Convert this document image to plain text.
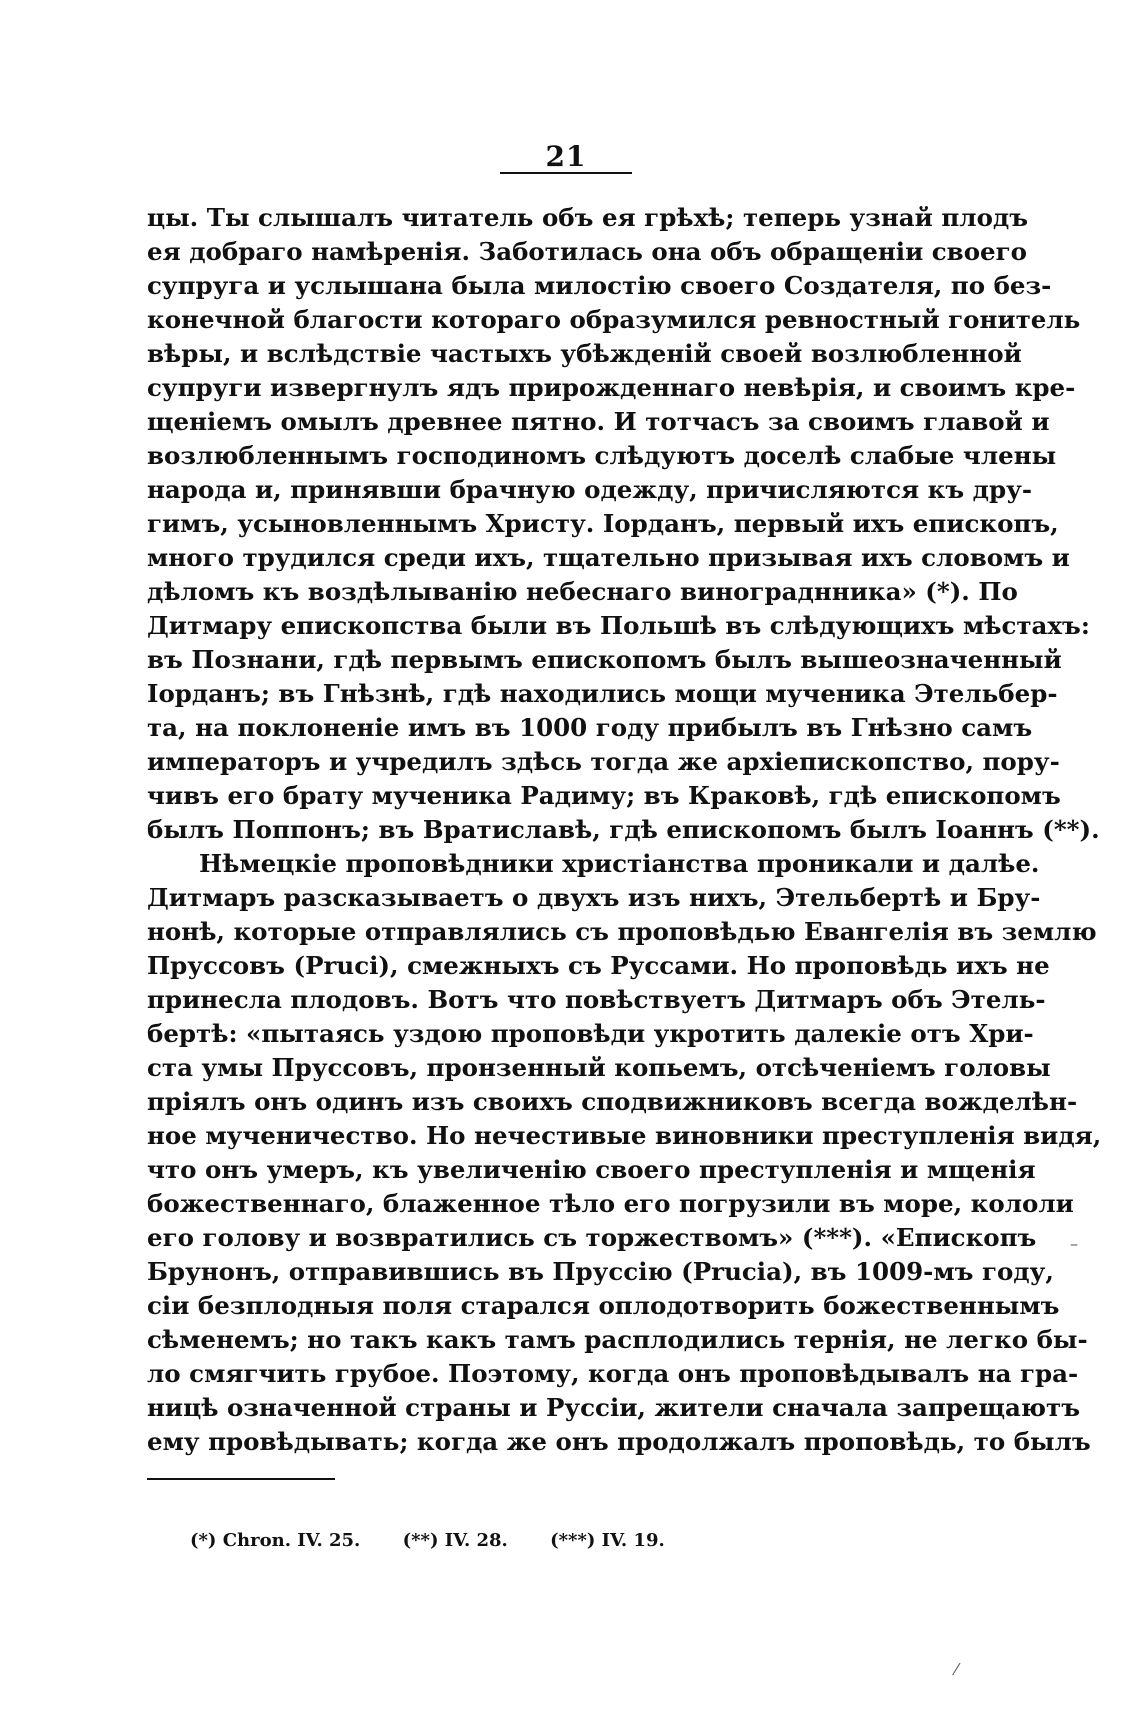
21
цы. Ты слышалъ читатель объ ея грѣхѣ; теперь узнай плодъ
ея добраго намѣренія. Заботилась она объ обращеніи своего
супруга и услышана была милостію своего Создателя, по без-
конечной благости котораго образумился ревностный гонитель
вѣры, и вслѣдствіе частыхъ убѣжденій своей возлюбленной
супруги извергнулъ ядъ прирожденнаго невѣрія, и своимъ кре-
щеніемъ омылъ древнее пятно. И тотчасъ за своимъ главой и
возлюбленнымъ господиномъ слѣдуютъ доселѣ слабые члены
народа и, принявши брачную одежду, причисляются къ дру-
гимъ, усыновленнымъ Христу. Іорданъ, первый ихъ епископъ,
много трудился среди ихъ, тщательно призывая ихъ словомъ и
дѣломъ къ воздѣлыванію небеснаго винограднника» (*). По
Дитмару епископства были въ Польшѣ въ слѣдующихъ мѣстахъ:
въ Познани, гдѣ первымъ епископомъ былъ вышеозначенный
Іорданъ; въ Гнѣзнѣ, гдѣ находились мощи мученика Этельбер-
та, на поклоненіе имъ въ 1000 году прибылъ въ Гнѣзно самъ
императоръ и учредилъ здѣсь тогда же архіепископство, пору-
чивъ его брату мученика Радиму; въ Краковѣ, гдѣ епископомъ
былъ Поппонъ; въ Вратиславѣ, гдѣ епископомъ былъ Іоаннъ (**).
Нѣмецкіе проповѣдники христіанства проникали и далѣе.
Дитмаръ разсказываетъ о двухъ изъ нихъ, Этельбертѣ и Бру-
нонѣ, которые отправлялись съ проповѣдью Евангелія въ землю
Пруссовъ (Prucі), смежныхъ съ Руссами. Но проповѣдь ихъ не
принесла плодовъ. Вотъ что повѣствуетъ Дитмаръ объ Этель-
бертѣ: «пытаясь уздою проповѣди укротить далекіе отъ Хри-
ста умы Пруссовъ, пронзенный копьемъ, отсѣченіемъ головы
пріялъ онъ одинъ изъ своихъ сподвижниковъ всегда вожделѣн-
ное мученичество. Но нечестивые виновники преступленія видя,
что онъ умеръ, къ увеличенію своего преступленія и мщенія
божественнаго, блаженное тѣло его погрузили въ море, кололи
его голову и возвратились съ торжествомъ» (***). «Епископъ
Брунонъ, отправившись въ Пруссію (Prucia), въ 1009-мъ году,
сіи безплодныя поля старался оплодотворить божественнымъ
сѣменемъ; но такъ какъ тамъ расплодились тернія, не легко бы-
ло смягчить грубое. Поэтому, когда онъ проповѣдывалъ на гра-
ницѣ означенной страны и Руссіи, жители сначала запрещаютъ
ему провѣдывать; когда же онъ продолжалъ проповѣдь, то былъ
(*) Chron. IV. 25. (**) IV. 28. (***) IV. 19.
–
⁄
